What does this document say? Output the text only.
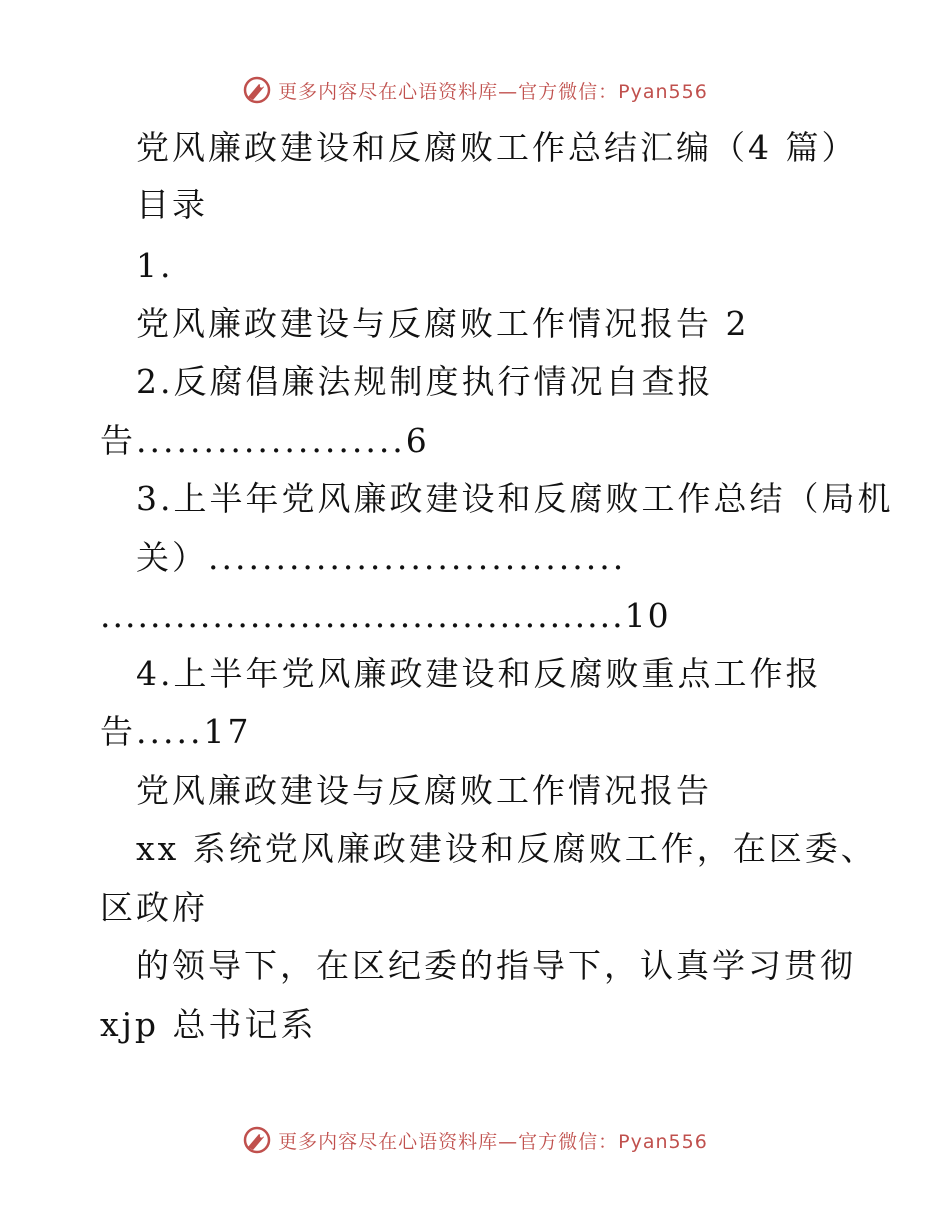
更多内容尽在心语资料库—官方微信：Pyan556
党风廉政建设和反腐败工作总结汇编（4 篇）
目录
1.
党风廉政建设与反腐败工作情况报告 2
2.反腐倡廉法规制度执行情况自查报
告....................6
3.上半年党风廉政建设和反腐败工作总结（局机
关）...............................
..........................................10
4.上半年党风廉政建设和反腐败重点工作报
告.....17
党风廉政建设与反腐败工作情况报告
xx 系统党风廉政建设和反腐败工作，在区委、
区政府
的领导下，在区纪委的指导下，认真学习贯彻
xjp 总书记系
更多内容尽在心语资料库—官方微信：Pyan556
